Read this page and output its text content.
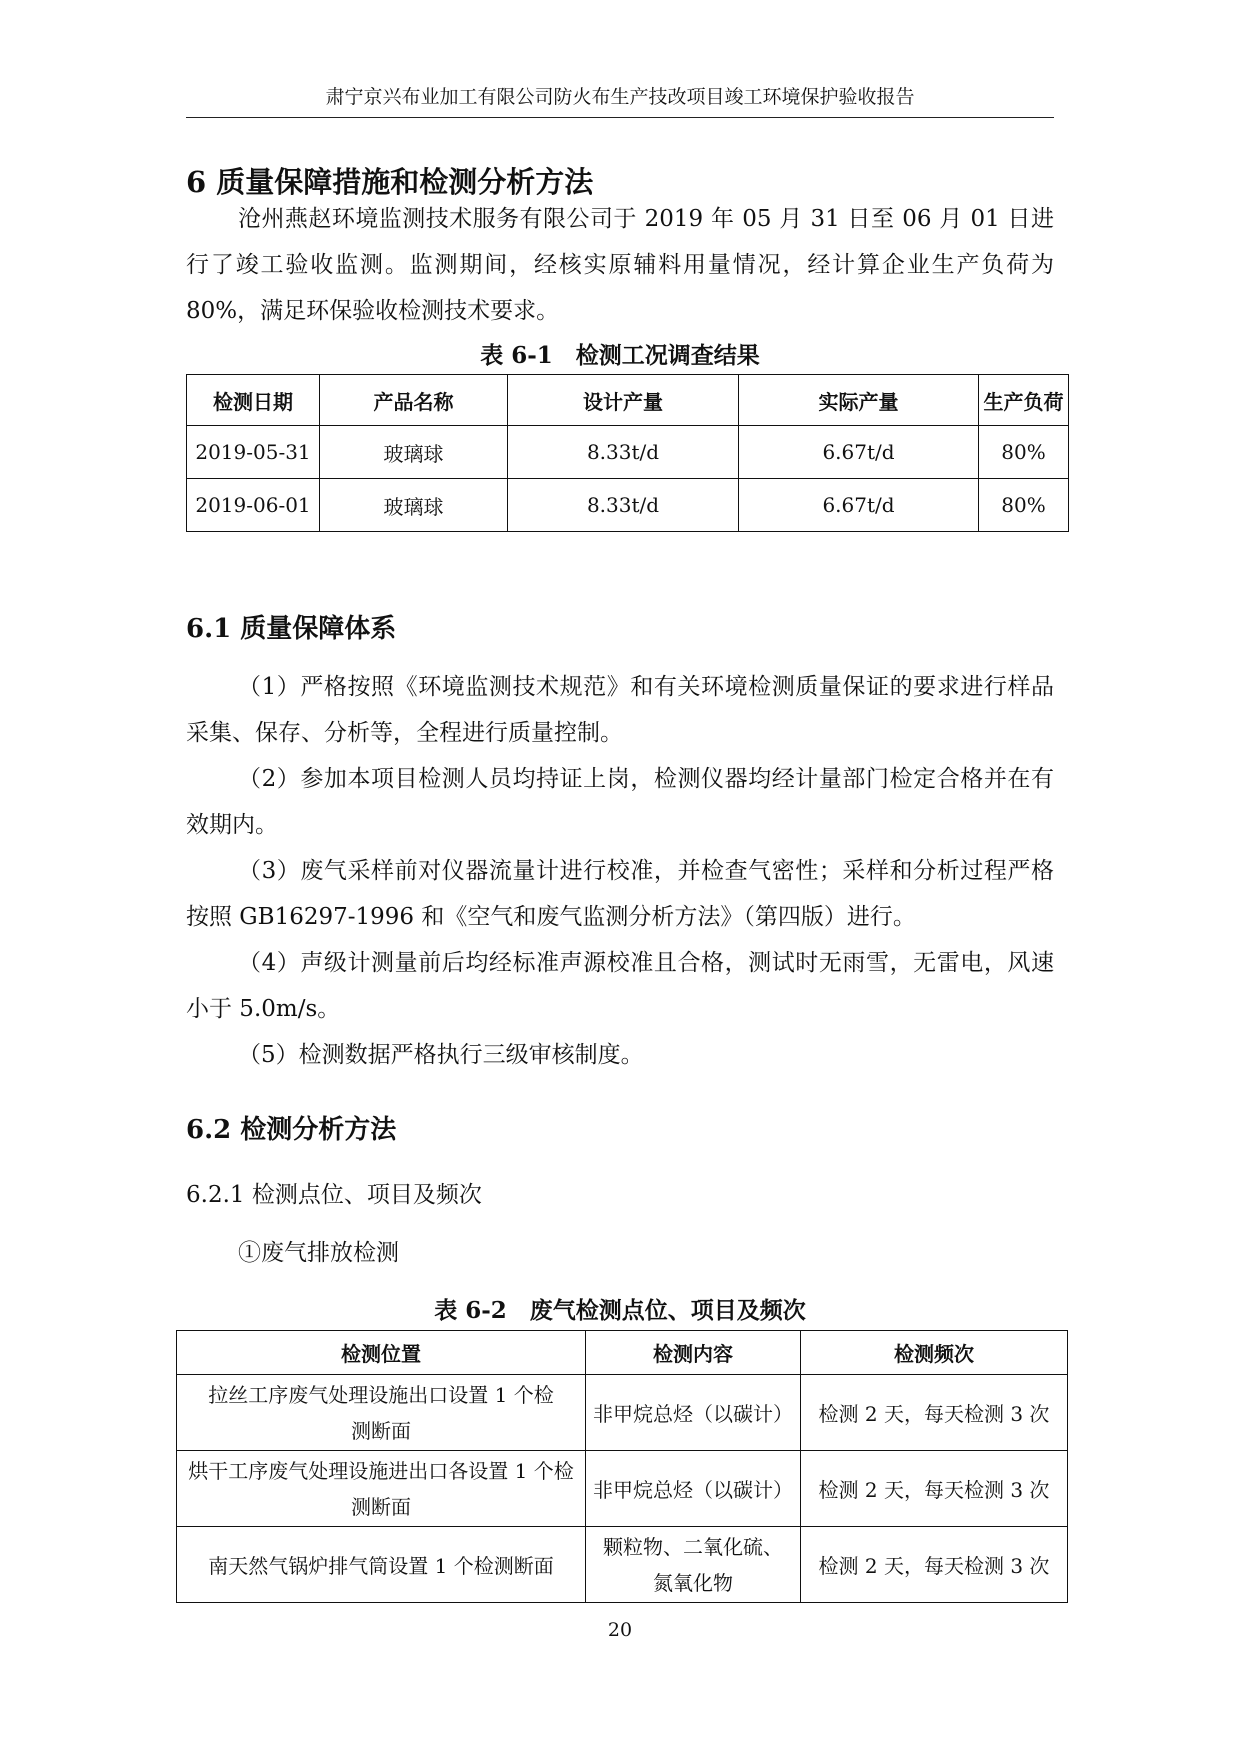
肃宁京兴布业加工有限公司防火布生产技改项目竣工环境保护验收报告
6 质量保障措施和检测分析方法
沧州燕赵环境监测技术服务有限公司于 2019 年 05 月 31 日至 06 月 01 日进行了竣工验收监测。监测期间，经核实原辅料用量情况，经计算企业生产负荷为 80%，满足环保验收检测技术要求。
表 6-1　检测工况调查结果
检测日期	产品名称	设计产量	实际产量	生产负荷
2019-05-31	玻璃球	8.33t/d	6.67t/d	80%
2019-06-01	玻璃球	8.33t/d	6.67t/d	80%
6.1 质量保障体系
（1）严格按照《环境监测技术规范》和有关环境检测质量保证的要求进行样品采集、保存、分析等，全程进行质量控制。
（2）参加本项目检测人员均持证上岗，检测仪器均经计量部门检定合格并在有效期内。
（3）废气采样前对仪器流量计进行校准，并检查气密性；采样和分析过程严格按照 GB16297-1996 和《空气和废气监测分析方法》（第四版）进行。
（4）声级计测量前后均经标准声源校准且合格，测试时无雨雪，无雷电，风速小于 5.0m/s。
（5）检测数据严格执行三级审核制度。
6.2 检测分析方法
6.2.1 检测点位、项目及频次
①废气排放检测
表 6-2　废气检测点位、项目及频次
检测位置	检测内容	检测频次
拉丝工序废气处理设施出口设置 1 个检测断面	非甲烷总烃（以碳计）	检测 2 天，每天检测 3 次
烘干工序废气处理设施进出口各设置 1 个检测断面	非甲烷总烃（以碳计）	检测 2 天，每天检测 3 次
南天然气锅炉排气筒设置 1 个检测断面	颗粒物、二氧化硫、氮氧化物	检测 2 天，每天检测 3 次
20
